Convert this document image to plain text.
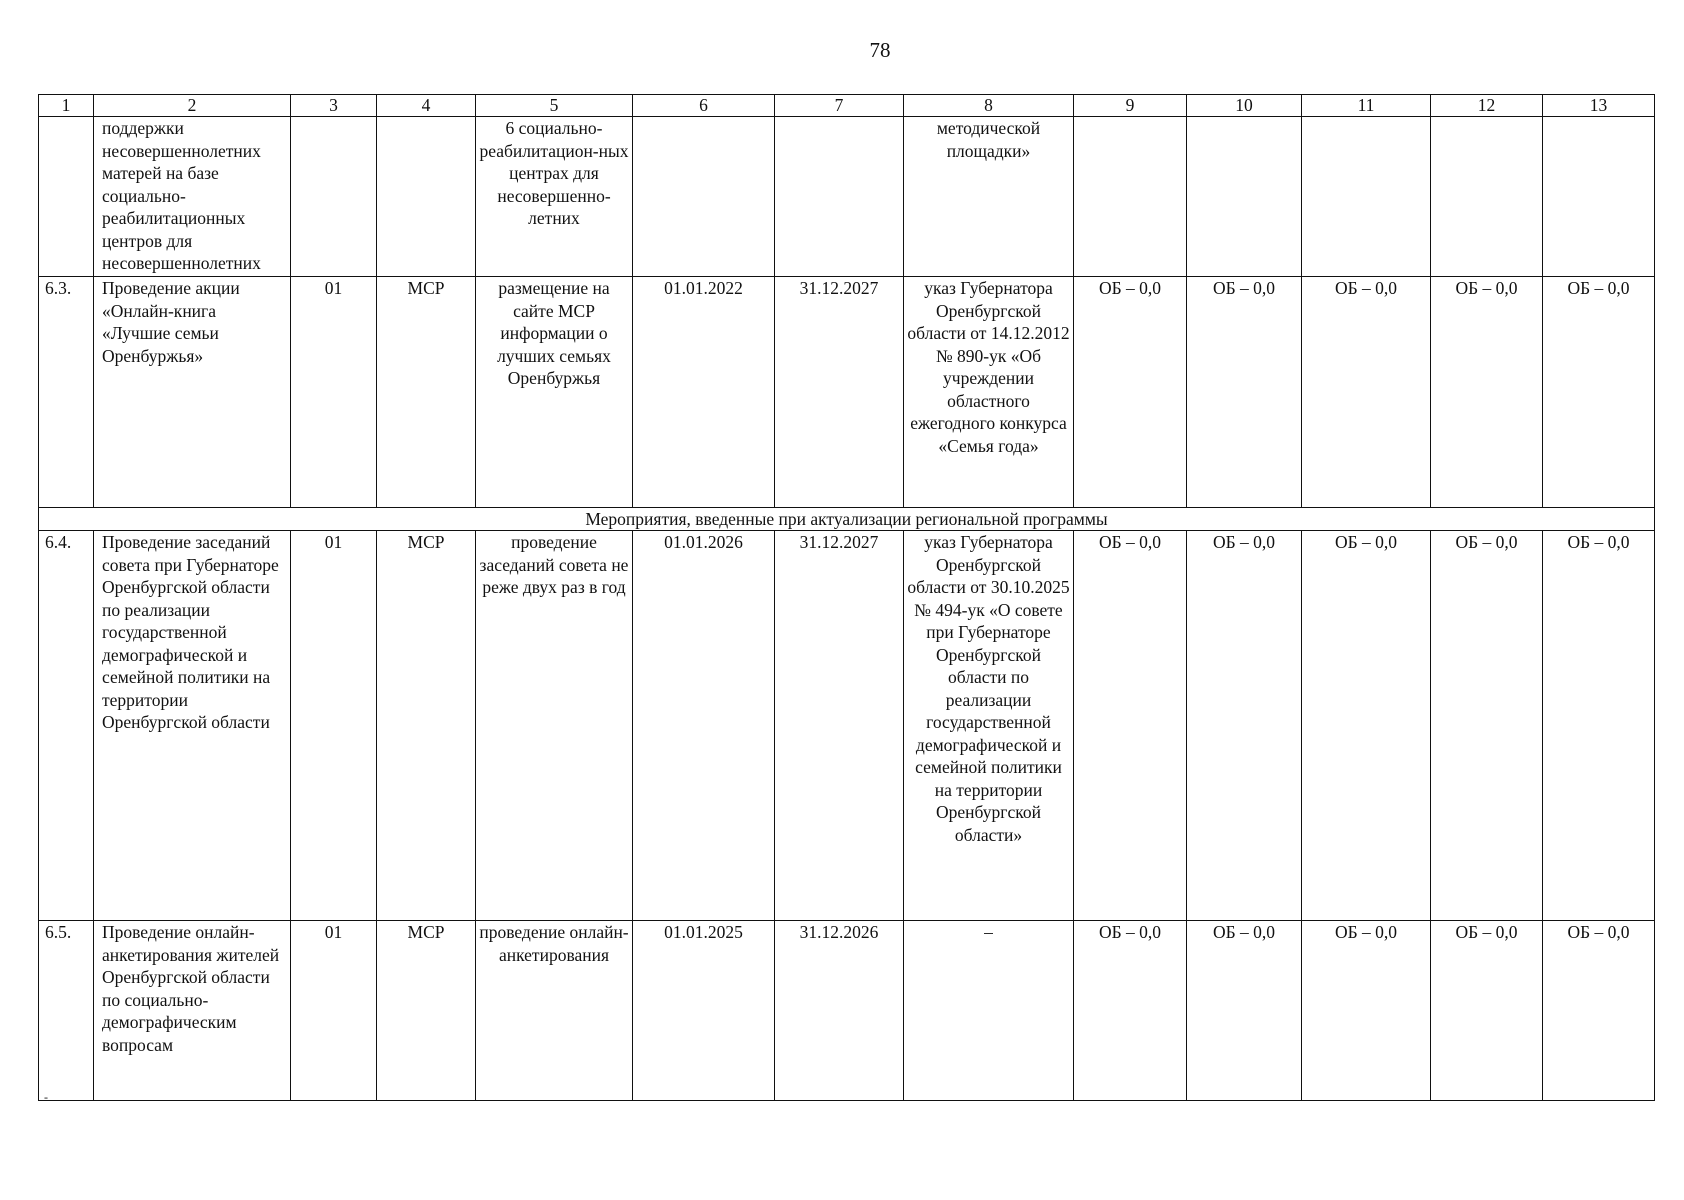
78
1	2	3	4	5	6	7	8	9	10	11	12	13
	поддержки несовершеннолетних матерей на базе социально-реабилитационных центров для несовершеннолетних			6 социально-реабилитацион-ных центрах для несовершенно-летних			методической площадки»					
6.3.	Проведение акции «Онлайн-книга «Лучшие семьи Оренбуржья»	01	МСР	размещение на сайте МСР информации о лучших семьях Оренбуржья	01.01.2022	31.12.2027	указ Губернатора Оренбургской области от 14.12.2012 № 890-ук «Об учреждении областного ежегодного конкурса «Семья года»	ОБ – 0,0	ОБ – 0,0	ОБ – 0,0	ОБ – 0,0	ОБ – 0,0
Мероприятия, введенные при актуализации региональной программы												
6.4.	Проведение заседаний совета при Губернаторе Оренбургской области по реализации государственной демографической и семейной политики на территории Оренбургской области	01	МСР	проведение заседаний совета не реже двух раз в год	01.01.2026	31.12.2027	указ Губернатора Оренбургской области от 30.10.2025 № 494-ук «О совете при Губернаторе Оренбургской области по реализации государственной демографической и семейной политики на территории Оренбургской области»	ОБ – 0,0	ОБ – 0,0	ОБ – 0,0	ОБ – 0,0	ОБ – 0,0
6.5.	Проведение онлайн-анкетирования жителей Оренбургской области по социально-демографическим вопросам	01	МСР	проведение онлайн-анкетирования	01.01.2025	31.12.2026	–	ОБ – 0,0	ОБ – 0,0	ОБ – 0,0	ОБ – 0,0	ОБ – 0,0
-
